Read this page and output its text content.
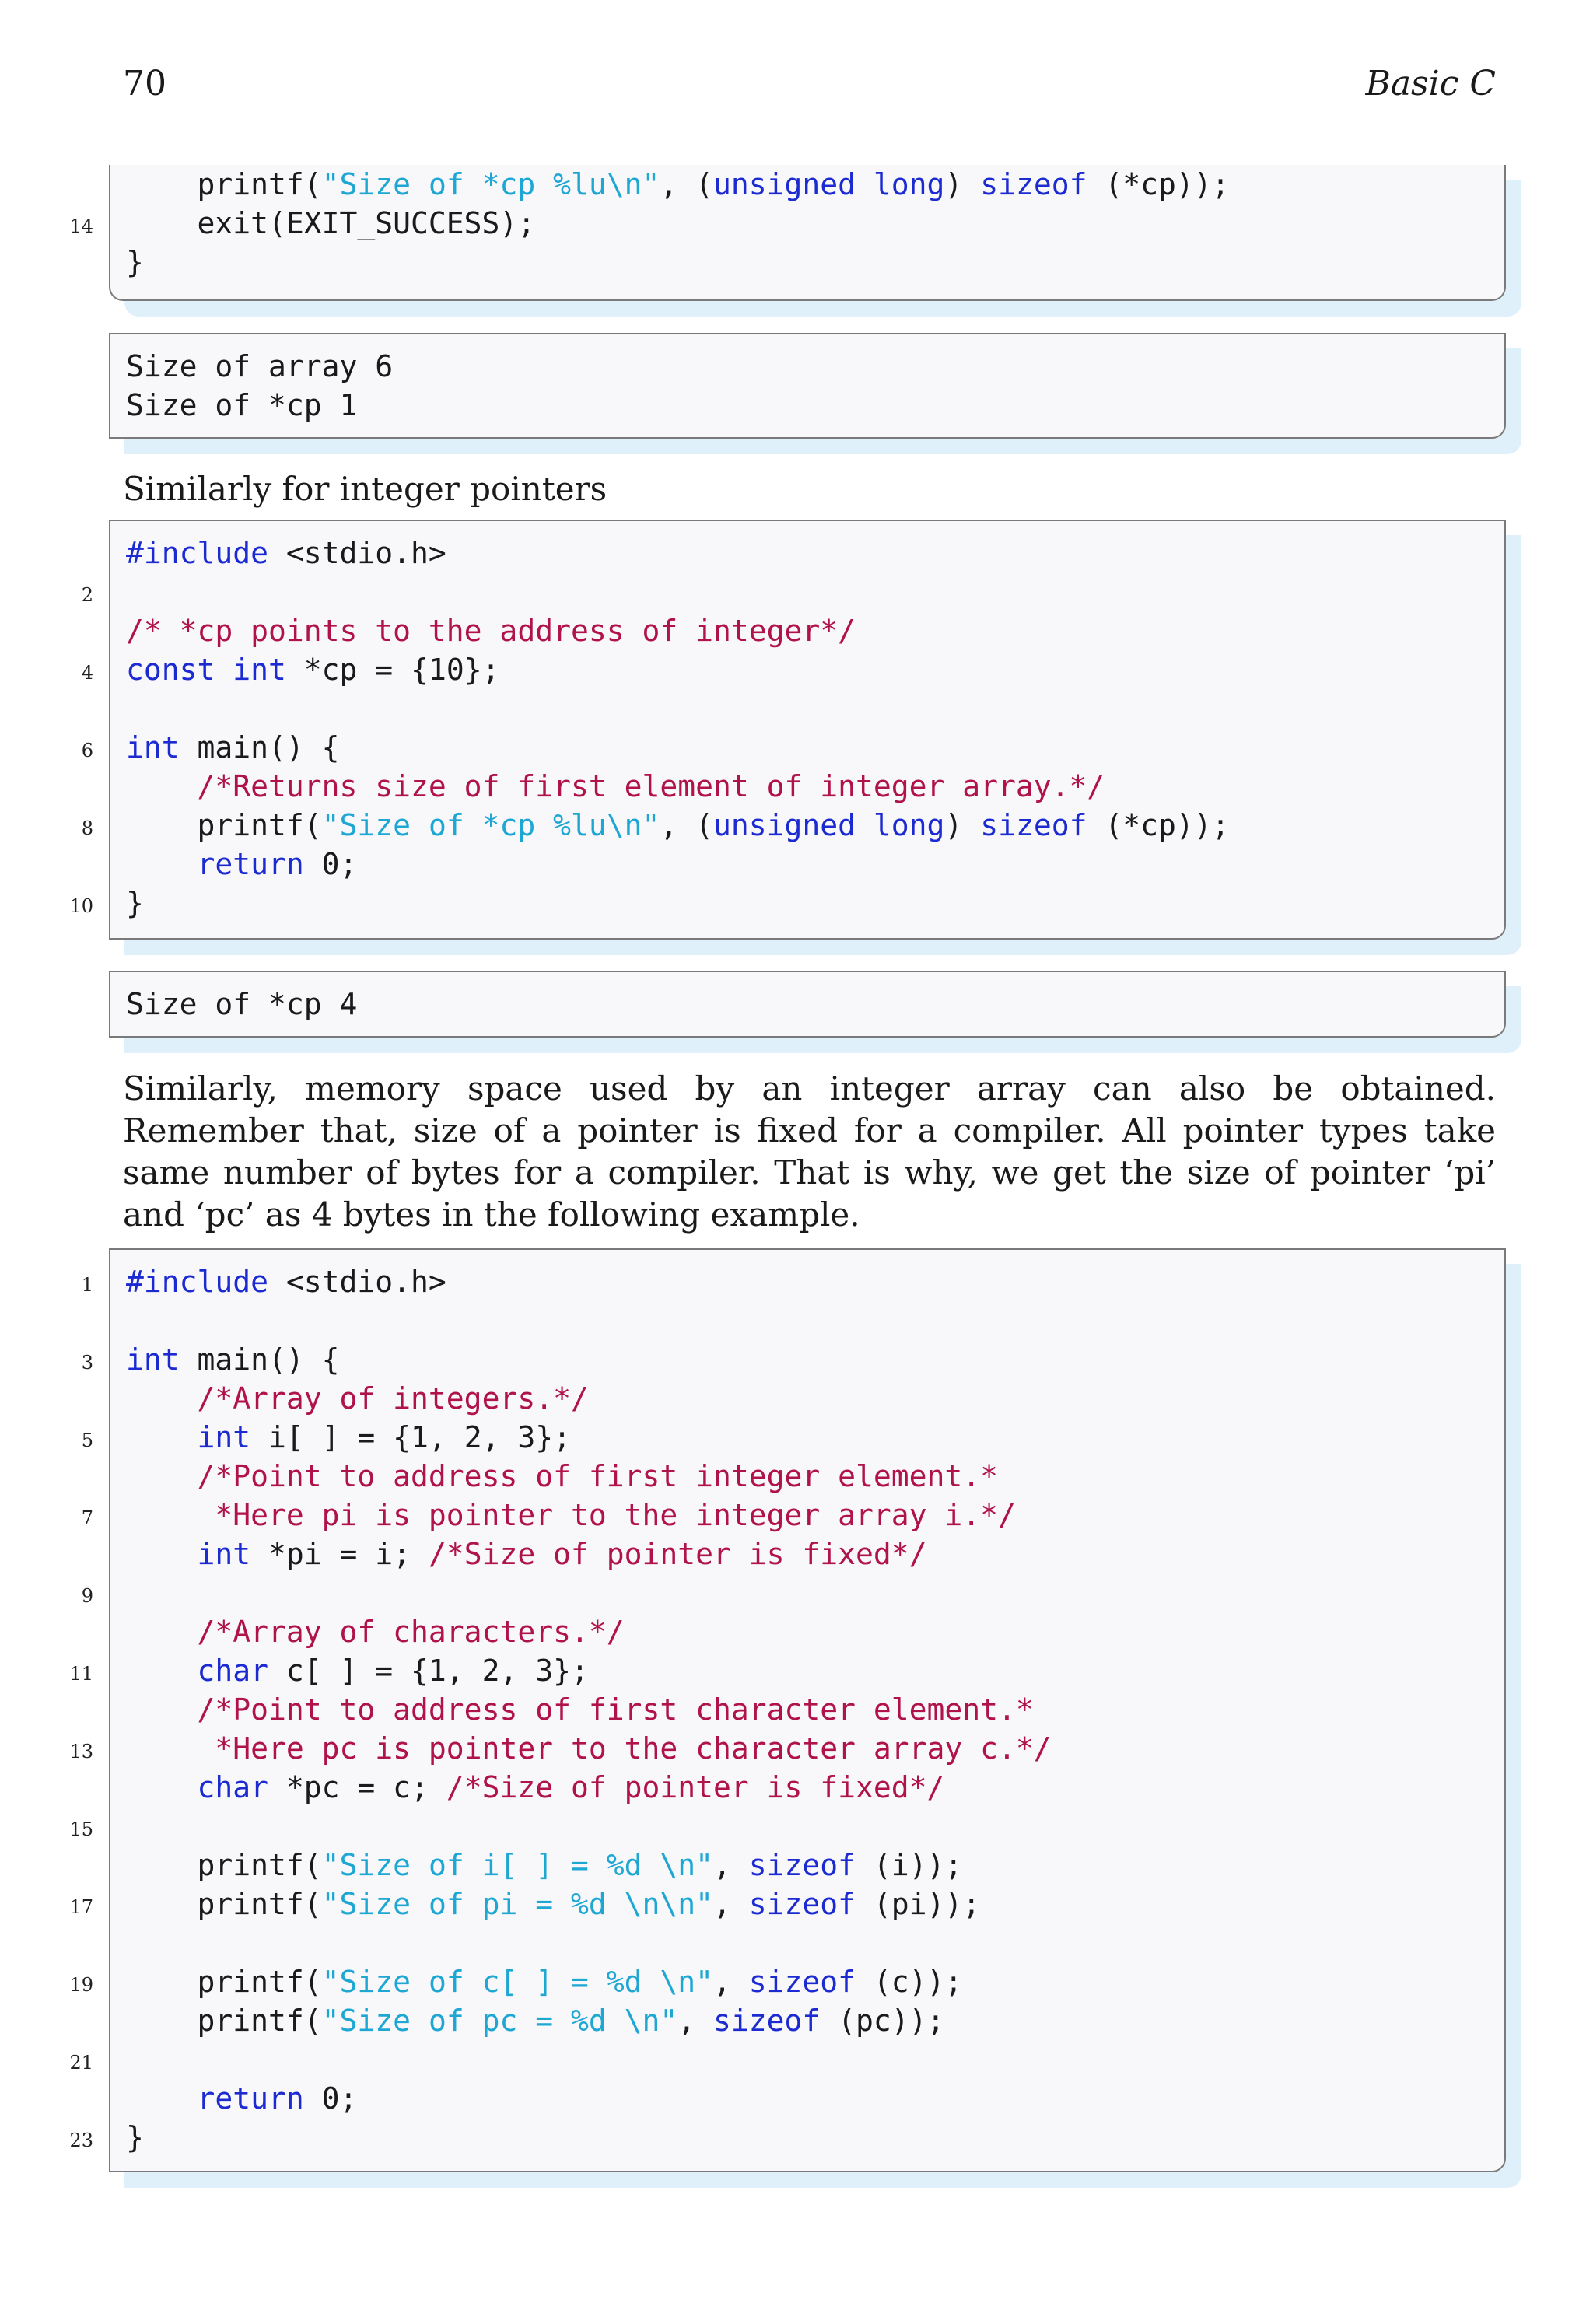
70	Basic C
printf("Size of *cp %lu\n", (unsigned long) sizeof (*cp));
14 exit(EXIT_SUCCESS);
}
Size of array 6
Size of *cp 1
Similarly for integer pointers
#include <stdio.h>
2
/* *cp points to the address of integer*/
4 const int *cp = {10};
6 int main() {
/*Returns size of first element of integer array.*/
8 printf("Size of *cp %lu\n", (unsigned long) sizeof (*cp));
return 0;
10 }
Size of *cp 4
Similarly, memory space used by an integer array can also be obtained. Remember that, size of a pointer is fixed for a compiler. All pointer types take same number of bytes for a compiler. That is why, we get the size of pointer ‘pi’ and ‘pc’ as 4 bytes in the following example.
1 #include <stdio.h>
3 int main() {
/*Array of integers.*/
5	int i[ ] = {1, 2, 3};
/*Point to address of first integer element.*
7	*Here pi is pointer to the integer array i.*/
int *pi = i; /*Size of pointer is fixed*/
9
/*Array of characters.*/
11	char c[ ] = {1, 2, 3};
/*Point to address of first character element.*
13	*Here pc is pointer to the character array c.*/
char *pc = c; /*Size of pointer is fixed*/
15
printf("Size of i[ ] = %d \n", sizeof (i));
17 printf("Size of pi = %d \n\n", sizeof (pi));
19 printf("Size of c[ ] = %d \n", sizeof (c));
printf("Size of pc = %d \n", sizeof (pc));
21
return 0;
23 }
